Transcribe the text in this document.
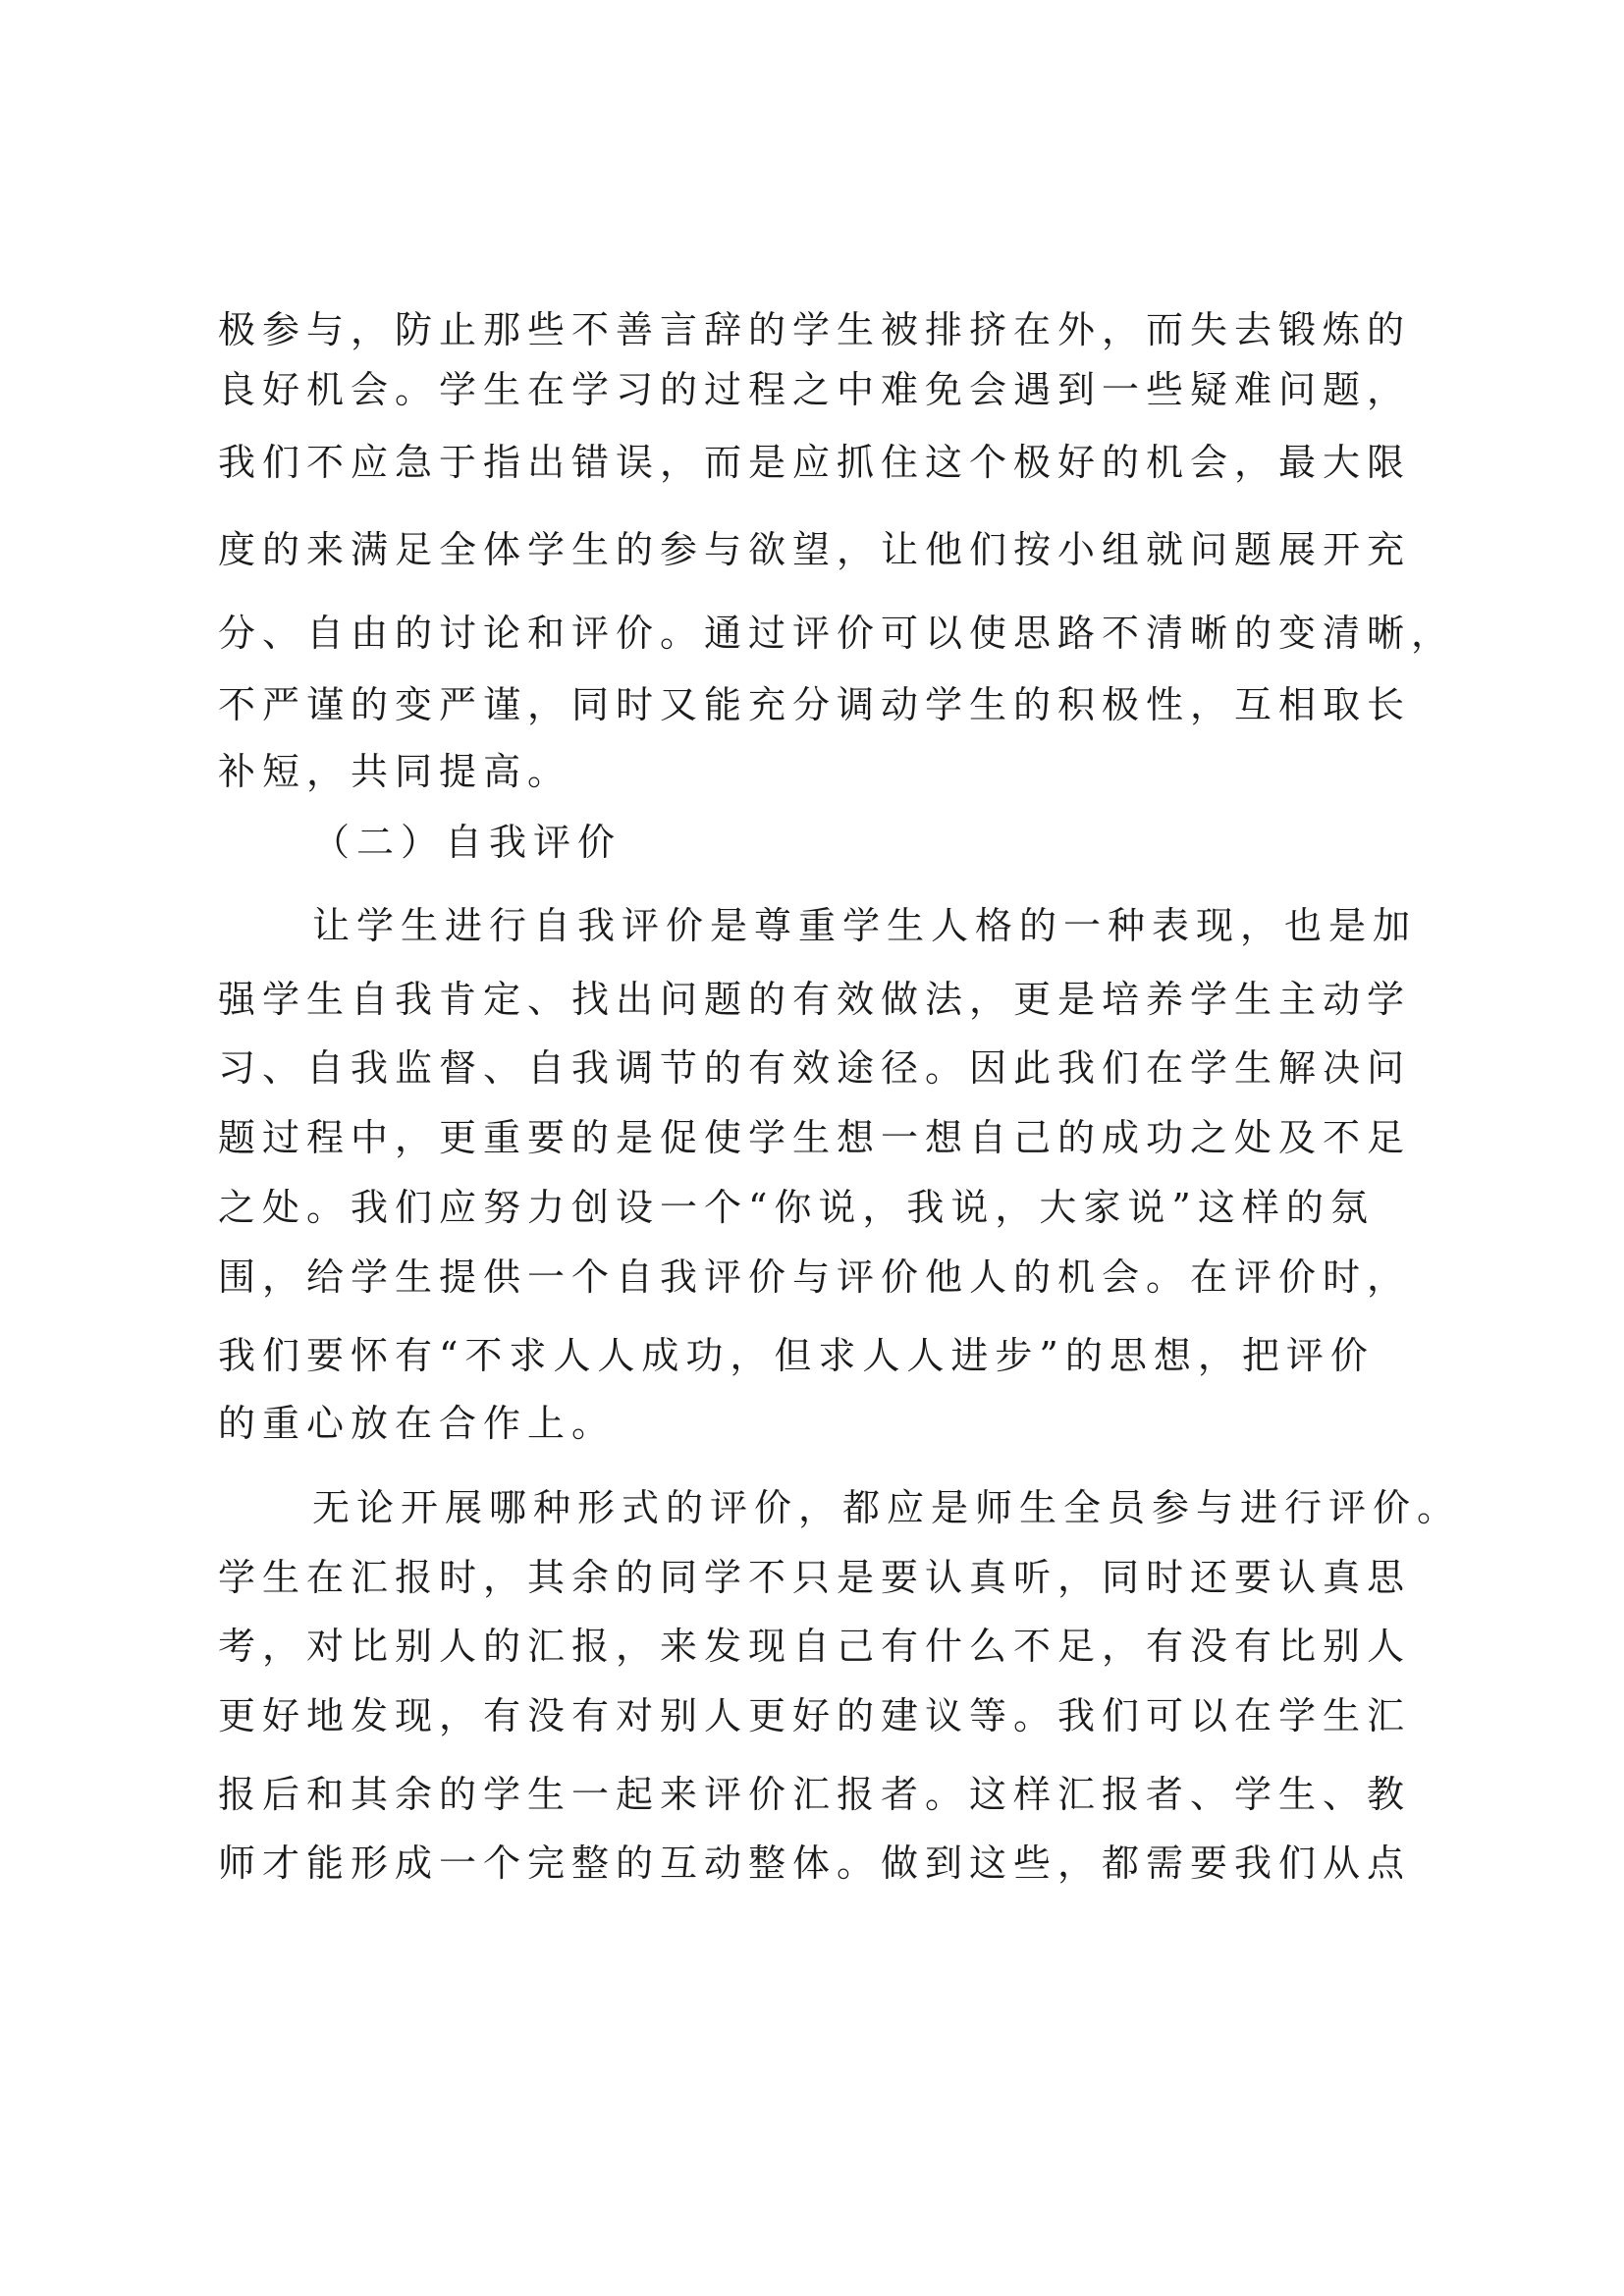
极参与，防止那些不善言辞的学生被排挤在外，而失去锻炼的
良好机会。学生在学习的过程之中难免会遇到一些疑难问题，
我们不应急于指出错误，而是应抓住这个极好的机会，最大限
度的来满足全体学生的参与欲望，让他们按小组就问题展开充
分、自由的讨论和评价。通过评价可以使思路不清晰的变清晰，
不严谨的变严谨，同时又能充分调动学生的积极性，互相取长
补短，共同提高。
（二）自我评价
让学生进行自我评价是尊重学生人格的一种表现，也是加
强学生自我肯定、找出问题的有效做法，更是培养学生主动学
习、自我监督、自我调节的有效途径。因此我们在学生解决问
题过程中，更重要的是促使学生想一想自己的成功之处及不足
之处。我们应努力创设一个“你说，我说，大家说”这样的氛
围，给学生提供一个自我评价与评价他人的机会。在评价时，
我们要怀有“不求人人成功，但求人人进步”的思想，把评价
的重心放在合作上。
无论开展哪种形式的评价，都应是师生全员参与进行评价。
学生在汇报时，其余的同学不只是要认真听，同时还要认真思
考，对比别人的汇报，来发现自己有什么不足，有没有比别人
更好地发现，有没有对别人更好的建议等。我们可以在学生汇
报后和其余的学生一起来评价汇报者。这样汇报者、学生、教
师才能形成一个完整的互动整体。做到这些，都需要我们从点
